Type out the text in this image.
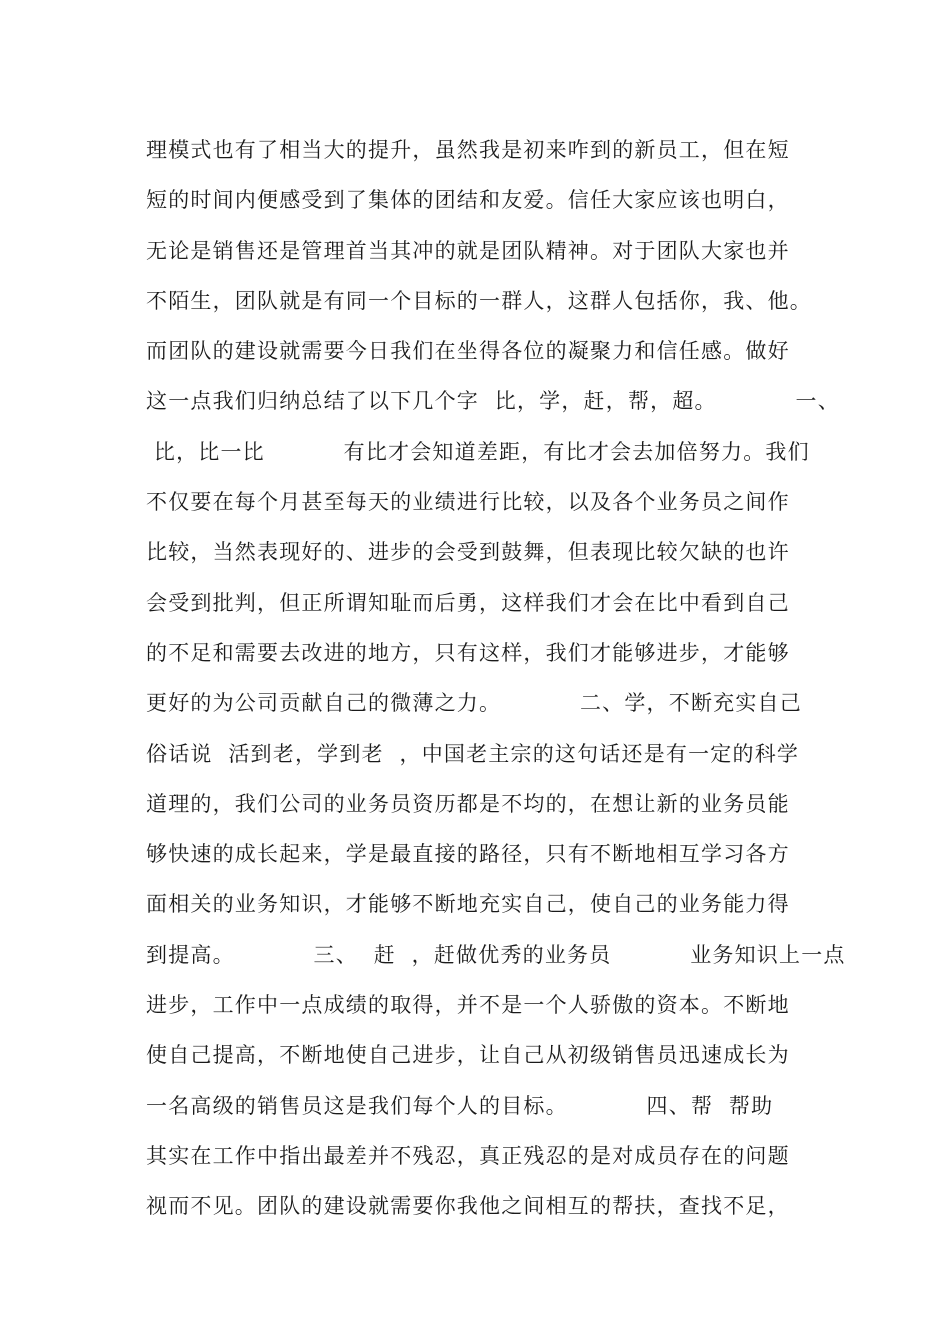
理模式也有了相当大的提升，虽然我是初来咋到的新员工，但在短
短的时间内便感受到了集体的团结和友爱。信任大家应该也明白，
无论是销售还是管理首当其冲的就是团队精神。对于团队大家也并
不陌生，团队就是有同一个目标的一群人，这群人包括你，我、他。
而团队的建设就需要今日我们在坐得各位的凝聚力和信任感。做好
这一点我们归纳总结了以下几个字  比，学，赶，帮，超。          一、
比，比一比          有比才会知道差距，有比才会去加倍努力。我们
不仅要在每个月甚至每天的业绩进行比较，以及各个业务员之间作
比较，当然表现好的、进步的会受到鼓舞，但表现比较欠缺的也许
会受到批判，但正所谓知耻而后勇，这样我们才会在比中看到自己
的不足和需要去改进的地方，只有这样，我们才能够进步，才能够
更好的为公司贡献自己的微薄之力。          二、学，不断充实自己
俗话说  活到老，学到老  ，中国老主宗的这句话还是有一定的科学
道理的，我们公司的业务员资历都是不均的，在想让新的业务员能
够快速的成长起来，学是最直接的路径，只有不断地相互学习各方
面相关的业务知识，才能够不断地充实自己，使自己的业务能力得
到提高。          三、  赶  ，赶做优秀的业务员          业务知识上一点
进步，工作中一点成绩的取得，并不是一个人骄傲的资本。不断地
使自己提高，不断地使自己进步，让自己从初级销售员迅速成长为
一名高级的销售员这是我们每个人的目标。          四、帮  帮助
其实在工作中指出最差并不残忍，真正残忍的是对成员存在的问题
视而不见。团队的建设就需要你我他之间相互的帮扶，查找不足，
